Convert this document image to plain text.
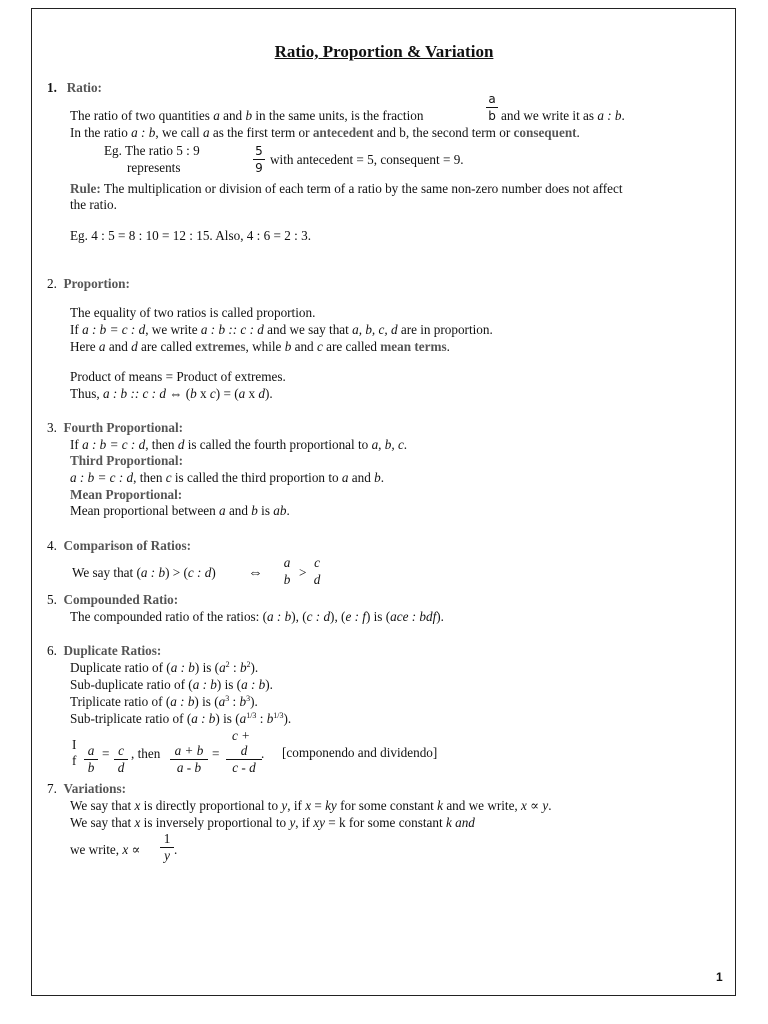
Ratio, Proportion & Variation
1. Ratio:
The ratio of two quantities a and b in the same units, is the fraction
a
b and we write it as a : b.
In the ratio a : b, we call a as the first term or antecedent and b, the second term or consequent.
Eg. The ratio 5 : 9
represents
5
9
with antecedent = 5, consequent = 9.
Rule: The multiplication or division of each term of a ratio by the same non-zero number does not affect
the ratio.
Eg. 4 : 5 = 8 : 10 = 12 : 15. Also, 4 : 6 = 2 : 3.
2. Proportion:
The equality of two ratios is called proportion.
If a : b = c : d, we write a : b :: c : d and we say that a, b, c, d are in proportion.
Here a and d are called extremes, while b and c are called mean terms.
Product of means = Product of extremes.
Thus, a : b :: c : d ⇔ (b x c) = (a x d).
3. Fourth Proportional:
If a : b = c : d, then d is called the fourth proportional to a, b, c.
Third Proportional:
a : b = c : d, then c is called the third proportion to a and b.
Mean Proportional:
Mean proportional between a and b is ab.
4. Comparison of Ratios:
We say that (a : b) > (c : d) ⇔
a
b >
c
d
5. Compounded Ratio:
The compounded ratio of the ratios: (a : b), (c : d), (e : f) is (ace : bdf).
6. Duplicate Ratios:
Duplicate ratio of (a : b) is ($a^2$ : $b^2$).
Sub-duplicate ratio of (a : b) is (a : b).
Triplicate ratio of (a : b) is ($a^3$ : $b^3$).
Sub-triplicate ratio of (a : b) is ($a^{1/3}$ : $b^{1/3}$).
I
f
a
b
= c
d
, then	a + b
a - b
=
c +
d
c - d
. [componendo and dividendo]
7. Variations:
We say that x is directly proportional to y, if x = ky for some constant k and we write, x ∝ y.
We say that x is inversely proportional to y, if xy = k for some constant k and
we write, x ∝
1
y .
1
